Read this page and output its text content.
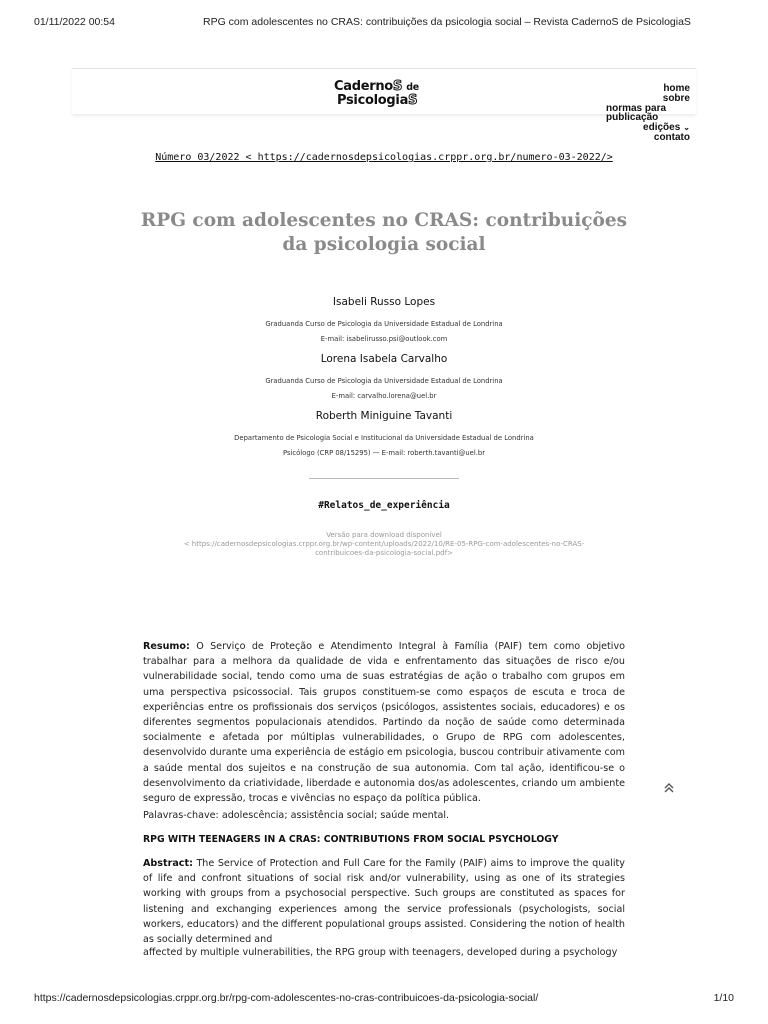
01/11/2022 00:54	RPG com adolescentes no CRAS: contribuições da psicologia social – Revista CadernoS de PsicologiaS
CadernoS de
PsicologiaS
home
sobre
normas para
publicação
edições ⌄
contato
Número 03/2022 < https://cadernosdepsicologias.crppr.org.br/numero-03-2022/>
RPG com adolescentes no CRAS: contribuições
da psicologia social
Isabeli Russo Lopes
Graduanda Curso de Psicologia da Universidade Estadual de Londrina
E-mail: isabelirusso.psi@outlook.com
Lorena Isabela Carvalho
Graduanda Curso de Psicologia da Universidade Estadual de Londrina
E-mail: carvalho.lorena@uel.br
Roberth Miniguine Tavanti
Departamento de Psicologia Social e Institucional da Universidade Estadual de Londrina
Psicólogo (CRP 08/15295) — E-mail: roberth.tavanti@uel.br
#Relatos_de_experiência
Versão para download disponível
< https://cadernosdepsicologias.crppr.org.br/wp-content/uploads/2022/10/RE-05-RPG-com-adolescentes-no-CRAS-
contribuicoes-da-psicologia-social.pdf>

Resumo: O Serviço de Proteção e Atendimento Integral à Família (PAIF) tem como objetivo trabalhar para a melhora da qualidade de vida e enfrentamento das situações de risco e/ou vulnerabilidade social, tendo como uma de suas estratégias de ação o trabalho com grupos em uma perspectiva psicossocial. Tais grupos constituem-se como espaços de escuta e troca de experiências entre os profissionais dos serviços (psicólogos, assistentes sociais, educadores) e os diferentes segmentos populacionais atendidos. Partindo da noção de saúde como determinada socialmente e afetada por múltiplas vulnerabilidades, o Grupo de RPG com adolescentes, desenvolvido durante uma experiência de estágio em psicologia, buscou contribuir ativamente com a saúde mental dos sujeitos e na construção de sua autonomia. Com tal ação, identificou-se o desenvolvimento da criatividade, liberdade e autonomia dos/as adolescentes, criando um ambiente seguro de expressão, trocas e vivências no espaço da política pública.

Palavras-chave: adolescência; assistência social; saúde mental.

RPG WITH TEENAGERS IN A CRAS: CONTRIBUTIONS FROM SOCIAL PSYCHOLOGY

Abstract: The Service of Protection and Full Care for the Family (PAIF) aims to improve the quality of life and confront situations of social risk and/or vulnerability, using as one of its strategies working with groups from a psychosocial perspective. Such groups are constituted as spaces for listening and exchanging experiences among the service professionals (psychologists, social workers, educators) and the different populational groups assisted. Considering the notion of health as socially determined and

affected by multiple vulnerabilities, the RPG group with teenagers, developed during a psychology

https://cadernosdepsicologias.crppr.org.br/rpg-com-adolescentes-no-cras-contribuicoes-da-psicologia-social/	1/10
